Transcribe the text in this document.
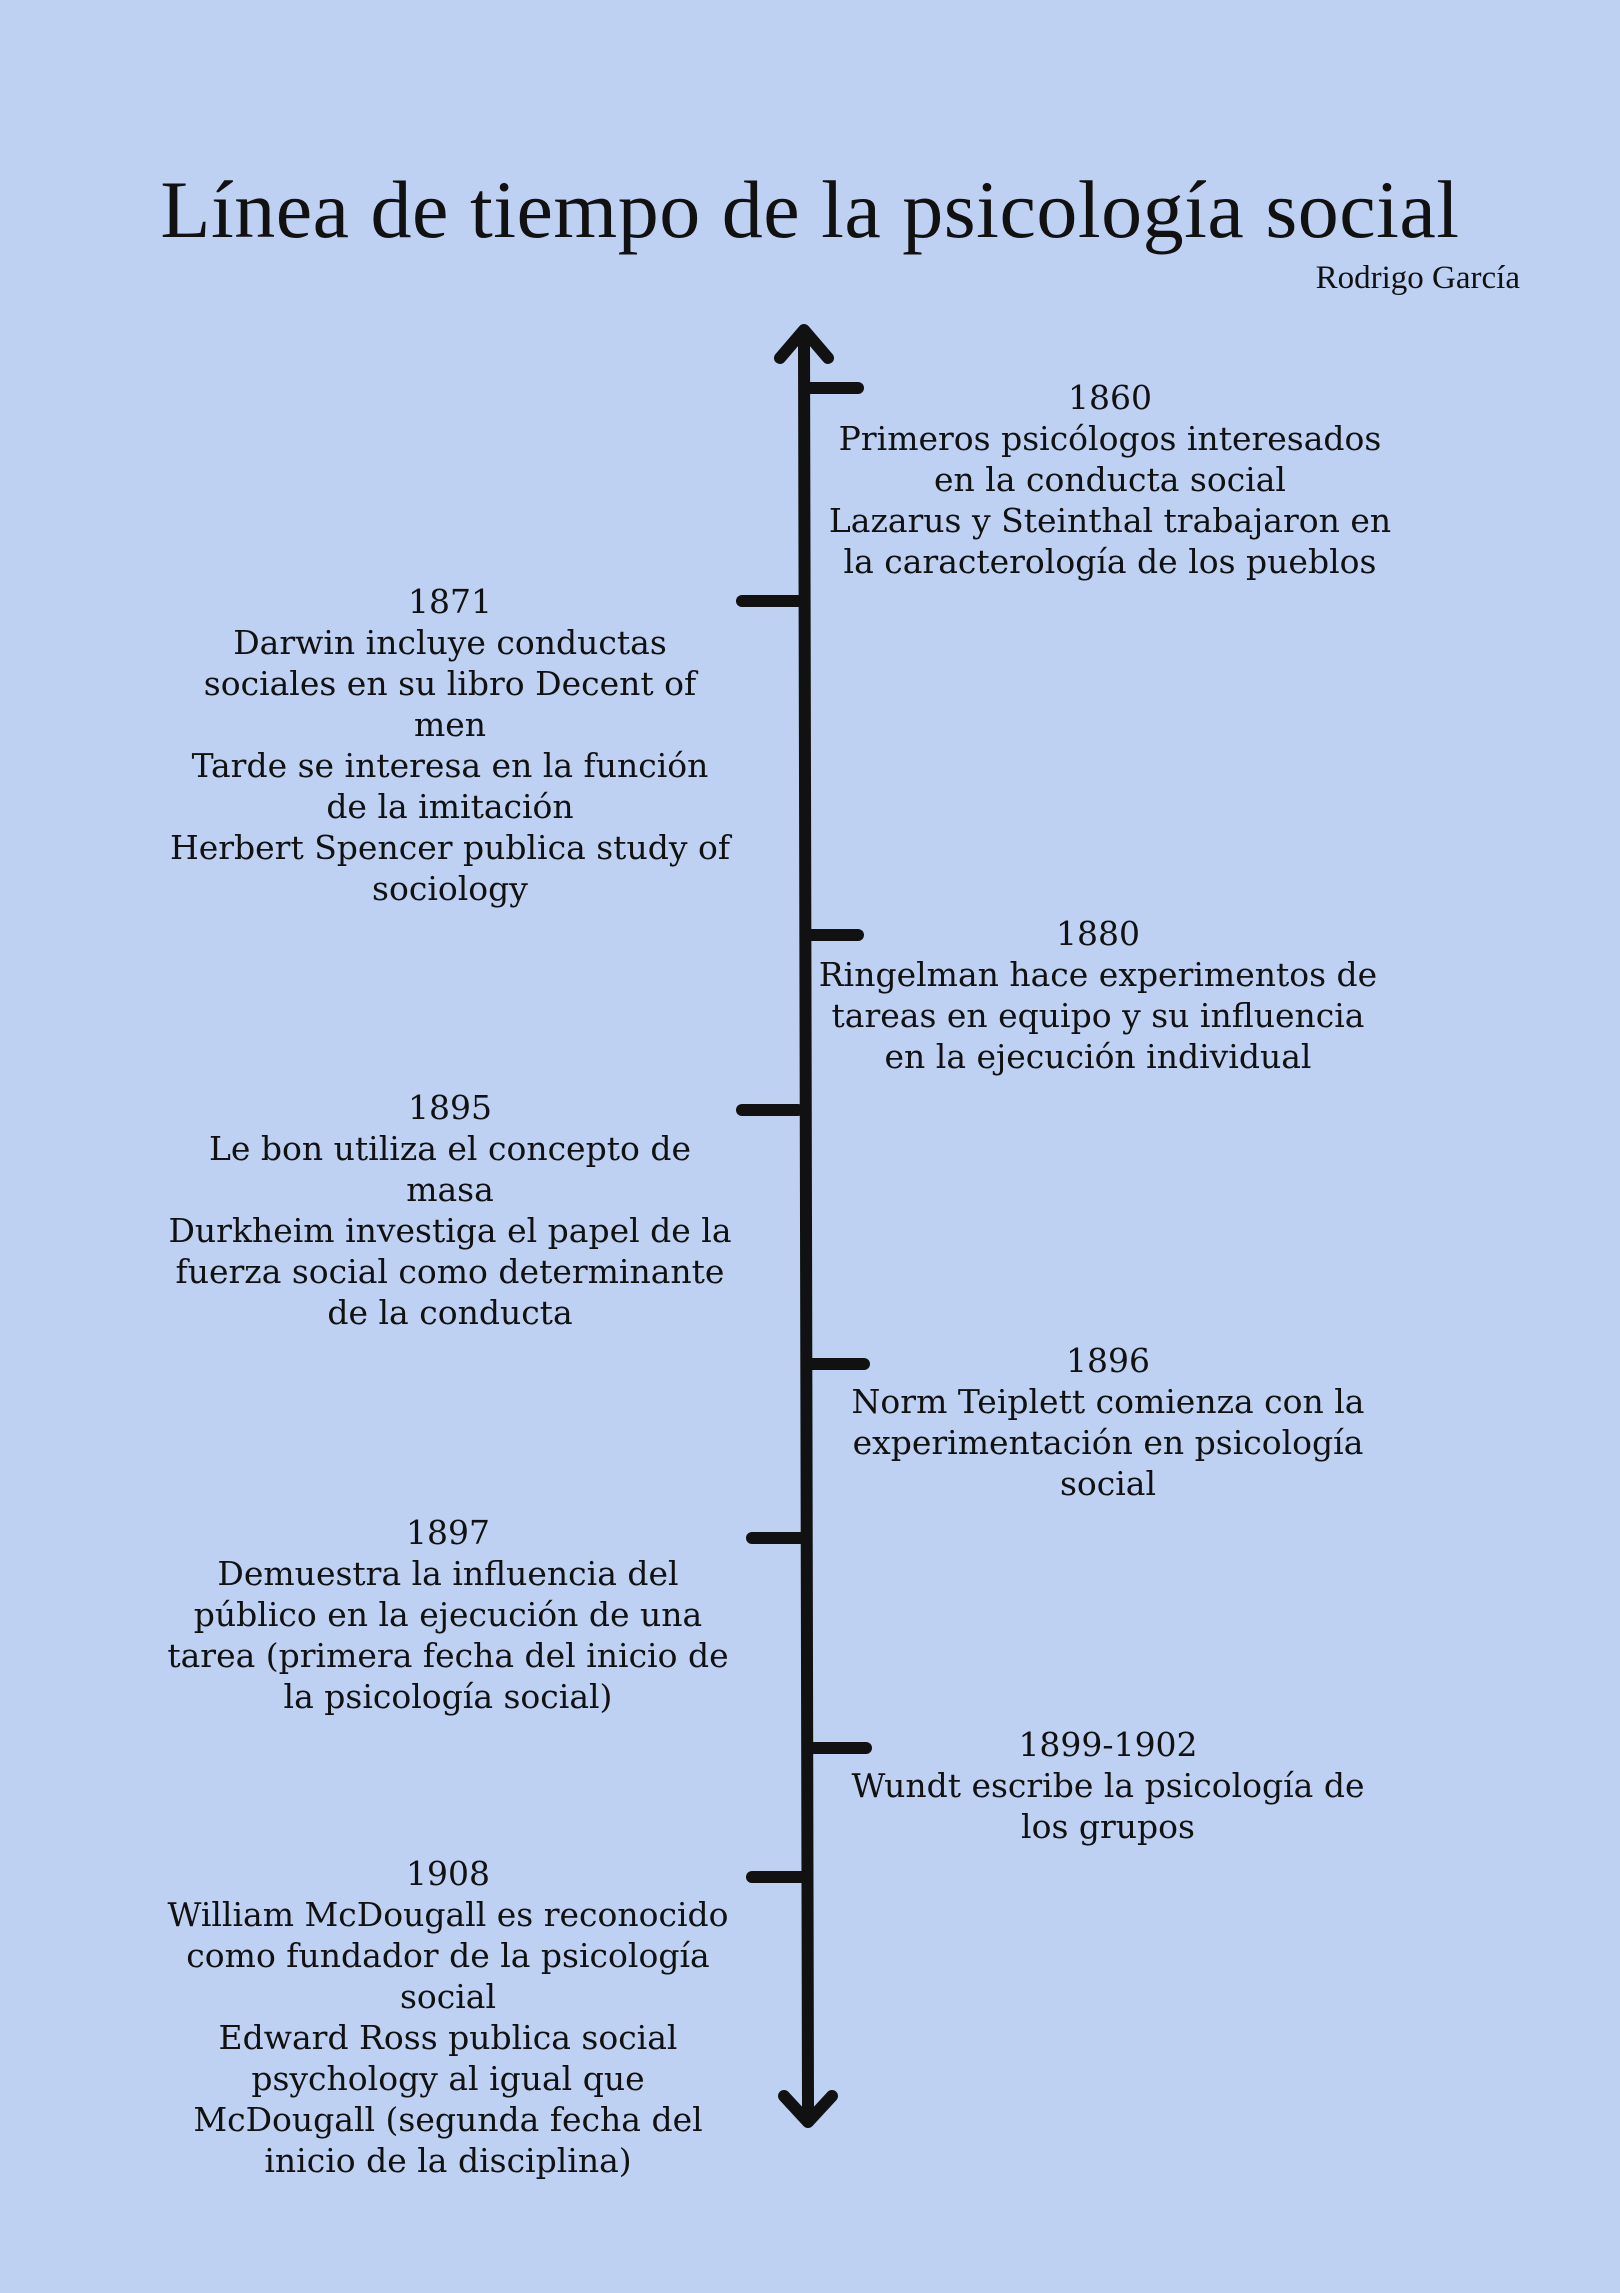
Línea de tiempo de la psicología social
Rodrigo García
1860
Primeros psicólogos interesados
en la conducta social
Lazarus y Steinthal trabajaron en
la caracterología de los pueblos
1871
Darwin incluye conductas
sociales en su libro Decent of
men
Tarde se interesa en la función
de la imitación
Herbert Spencer publica study of
sociology
1880
Ringelman hace experimentos de
tareas en equipo y su influencia
en la ejecución individual
1895
Le bon utiliza el concepto de
masa
Durkheim investiga el papel de la
fuerza social como determinante
de la conducta
1896
Norm Teiplett comienza con la
experimentación en psicología
social
1897
Demuestra la influencia del
público en la ejecución de una
tarea (primera fecha del inicio de
la psicología social)
1899-1902
Wundt escribe la psicología de
los grupos
1908
William McDougall es reconocido
como fundador de la psicología
social
Edward Ross publica social
psychology al igual que
McDougall (segunda fecha del
inicio de la disciplina)
